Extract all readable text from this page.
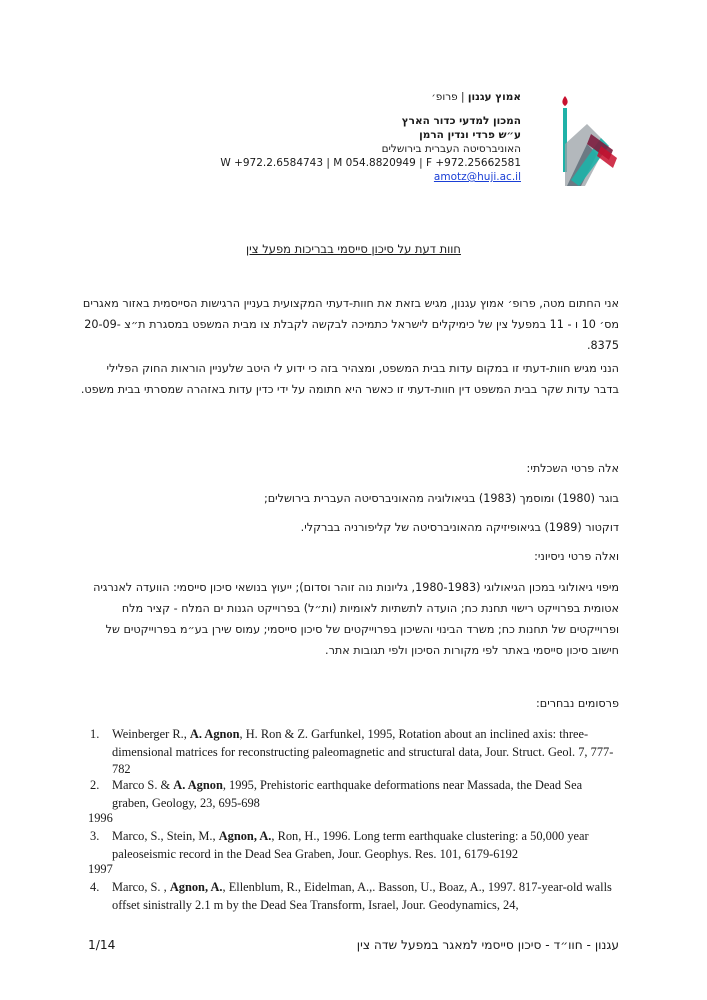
אמוץ עגנון | פרופ׳
המכון למדעי כדור הארץ
ע״ש פרדי ונדין הרמן
האוניברסיטה העברית בירושלים
W +972.2.6584743 | M 054.8820949 | F +972.25662581
amotz@huji.ac.il
חוות דעת על סיכון סייסמי בבריכות מפעל צין
אני החתום מטה, פרופ׳ אמוץ עגנון, מגיש בזאת את חוות-דעתי המקצועית בעניין הרגישות הסייסמית באזור מאגרים מס׳ 10 ו - 11 במפעל צין של כימיקלים לישראל כתמיכה לבקשה לקבלת צו מבית המשפט במסגרת ת״צ 20-09-8375.
הנני מגיש חוות-דעתי זו במקום עדות בבית המשפט, ומצהיר בזה כי ידוע לי היטב שלעניין הוראות החוק הפלילי בדבר עדות שקר בבית המשפט דין חוות-דעתי זו כאשר היא חתומה על ידי כדין עדות באזהרה שמסרתי בבית משפט.
אלה פרטי השכלתי:
בוגר (1980) ומוסמך (1983) בגיאולוגיה מהאוניברסיטה העברית בירושלים;
דוקטור (1989) בגיאופיזיקה מהאוניברסיטה של קליפורניה בברקלי.
ואלה פרטי ניסיוני:
מיפוי גיאולוגי במכון הגיאולוגי (1980-1983, גליונות נוה זוהר וסדום); ייעוץ בנושאי סיכון סייסמי: הוועדה לאנרגיה אטומית בפרוייקט רישוי תחנת כח; הועדה לתשתיות לאומיות (ות״ל) בפרוייקט הגנות ים המלח - קציר מלח ופרוייקטים של תחנות כח; משרד הבינוי והשיכון בפרוייקטים של סיכון סייסמי; עמוס שירן בע״מ בפרוייקטים של חישוב סיכון סייסמי באתר לפי מקורות הסיכון ולפי תגובות אתר.
פרסומים נבחרים:
1. Weinberger R., A. Agnon, H. Ron & Z. Garfunkel, 1995, Rotation about an inclined axis: three-dimensional matrices for reconstructing paleomagnetic and structural data, Jour. Struct. Geol. 7, 777-782
2. Marco S. & A. Agnon, 1995, Prehistoric earthquake deformations near Massada, the Dead Sea graben, Geology, 23, 695-698
1996
3. Marco, S., Stein, M., Agnon, A., Ron, H., 1996. Long term earthquake clustering: a 50,000 year paleoseismic record in the Dead Sea Graben, Jour. Geophys. Res. 101, 6179-6192
1997
4. Marco, S. , Agnon, A., Ellenblum, R., Eidelman, A.,. Basson, U., Boaz, A., 1997. 817-year-old walls offset sinistrally 2.1 m by the Dead Sea Transform, Israel, Jour. Geodynamics, 24,
עגנון - חוו״ד - סיכון סייסמי למאגר במפעל שדה צין
1/14
